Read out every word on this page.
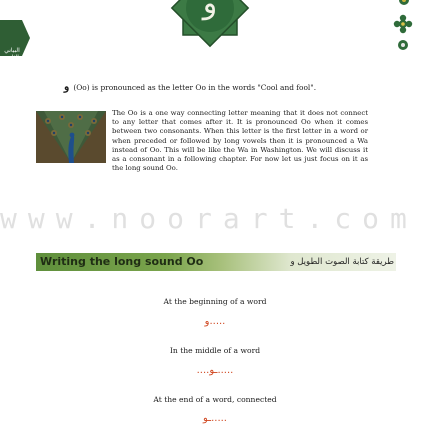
البياني الثاني
و
و (Oo) is pronounced as the letter Oo in the words "Cool and fool".
The Oo is a one way connecting letter meaning that it does not connect to any letter that comes after it. It is pronounced Oo when it comes between two consonants. When this letter is the first letter in a word or when preceded or followed by long vowels then it is pronounced a Wa instead of Oo. This will be like the Wa in Washington. We will discuss it as a consonant in a following chapter. For now let us just focus on it as the long sound Oo.
www.noorart.com
Writing the long sound Oo	طريقة كتابة الصوت الطويل و
At the beginning of a word
و.....
In the middle of a word
....ـو.....
At the end of a word, connected
ـو.....
